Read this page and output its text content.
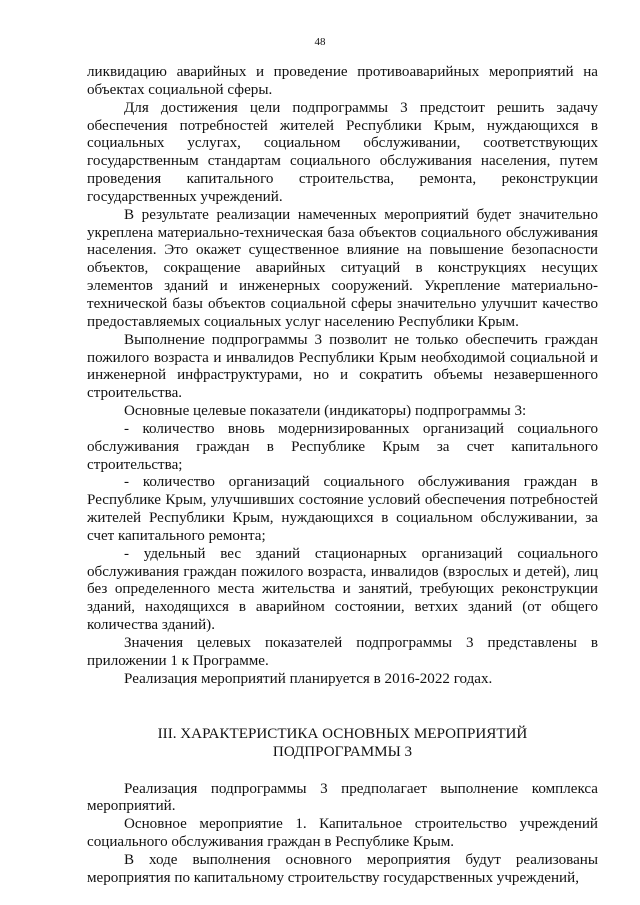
48

ликвидацию аварийных и проведение противоаварийных мероприятий на объектах социальной сферы.

Для достижения цели подпрограммы 3 предстоит решить задачу обеспечения потребностей жителей Республики Крым, нуждающихся в социальных услугах, социальном обслуживании, соответствующих государственным стандартам социального обслуживания населения, путем проведения капитального строительства, ремонта, реконструкции государственных учреждений.

В результате реализации намеченных мероприятий будет значительно укреплена материально-техническая база объектов социального обслуживания населения. Это окажет существенное влияние на повышение безопасности объектов, сокращение аварийных ситуаций в конструкциях несущих элементов зданий и инженерных сооружений. Укрепление материально-технической базы объектов социальной сферы значительно улучшит качество предоставляемых социальных услуг населению Республики Крым.

Выполнение подпрограммы 3 позволит не только обеспечить граждан пожилого возраста и инвалидов Республики Крым необходимой социальной и инженерной инфраструктурами, но и сократить объемы незавершенного строительства.

Основные целевые показатели (индикаторы) подпрограммы 3:

- количество вновь модернизированных организаций социального обслуживания граждан в Республике Крым за счет капитального строительства;

- количество организаций социального обслуживания граждан в Республике Крым, улучшивших состояние условий обеспечения потребностей жителей Республики Крым, нуждающихся в социальном обслуживании, за счет капитального ремонта;

- удельный вес зданий стационарных организаций социального обслуживания граждан пожилого возраста, инвалидов (взрослых и детей), лиц без определенного места жительства и занятий, требующих реконструкции зданий, находящихся в аварийном состоянии, ветхих зданий (от общего количества зданий).

Значения целевых показателей подпрограммы 3 представлены в приложении 1 к Программе.

Реализация мероприятий планируется в 2016-2022 годах.

III. ХАРАКТЕРИСТИКА ОСНОВНЫХ МЕРОПРИЯТИЙ
ПОДПРОГРАММЫ 3

Реализация подпрограммы 3 предполагает выполнение комплекса мероприятий.

Основное мероприятие 1. Капитальное строительство учреждений социального обслуживания граждан в Республике Крым.

В ходе выполнения основного мероприятия будут реализованы мероприятия по капитальному строительству государственных учреждений,
